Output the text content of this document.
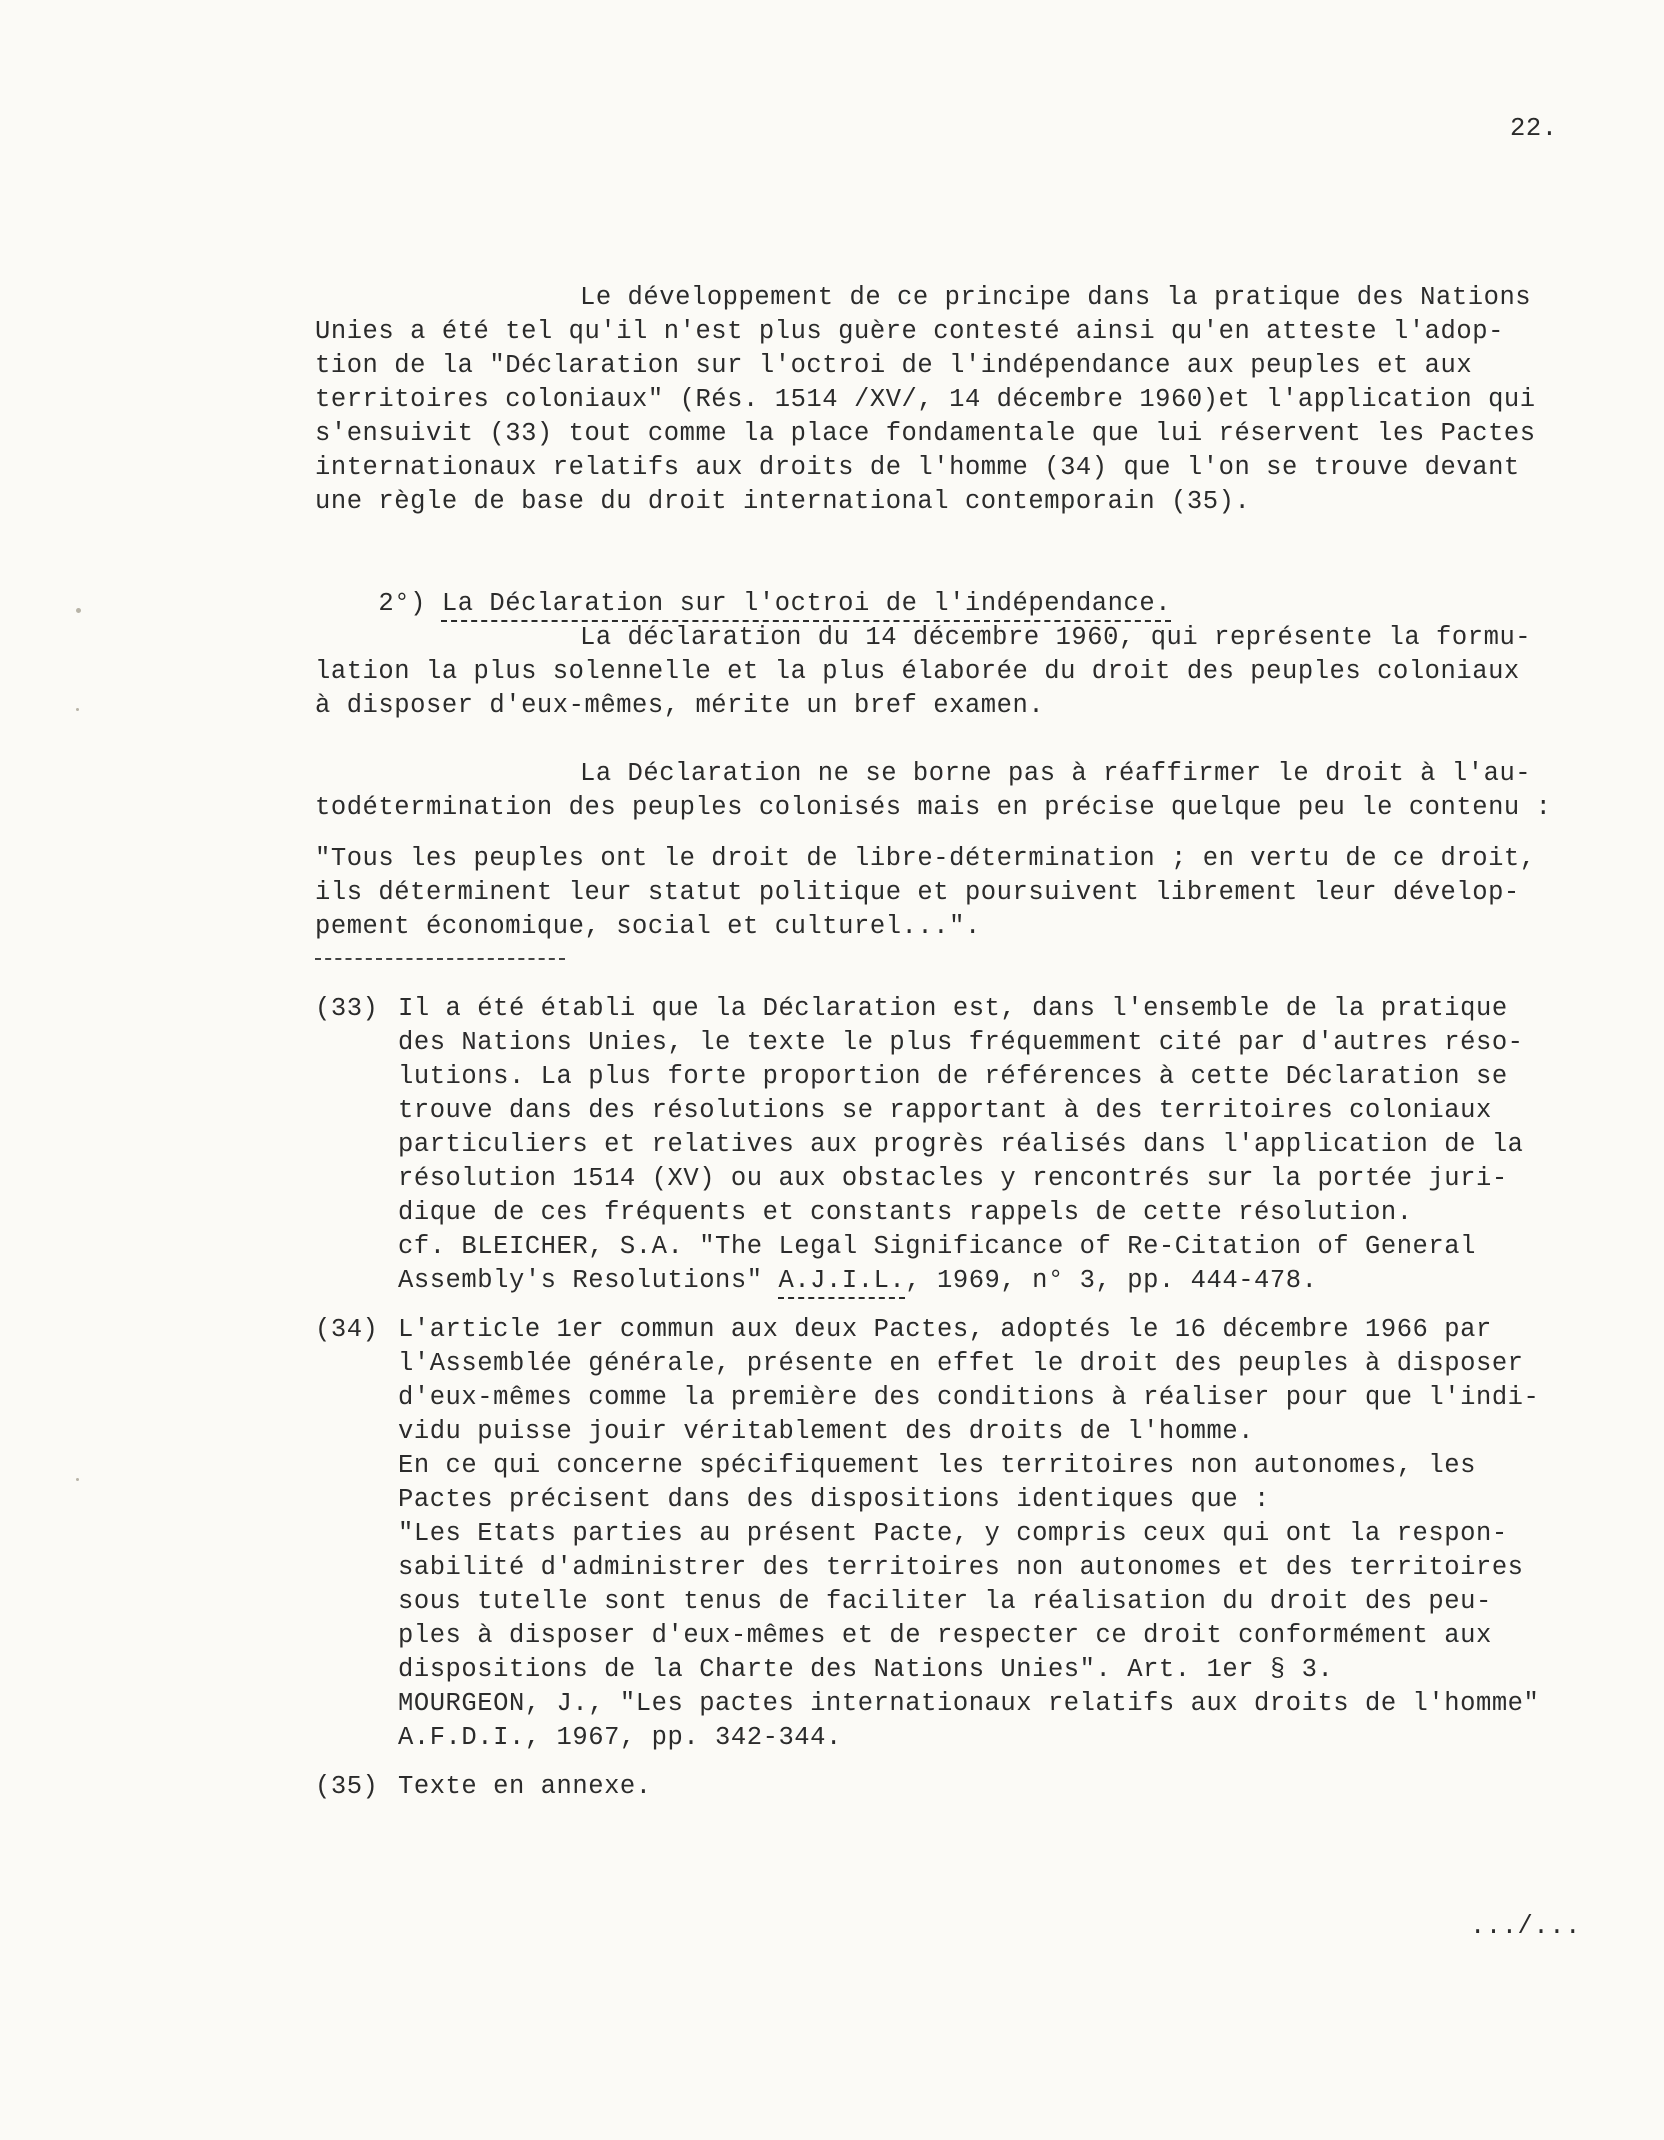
22.
Le développement de ce principe dans la pratique des Nations
Unies a été tel qu'il n'est plus guère contesté ainsi qu'en atteste l'adop-
tion de la "Déclaration sur l'octroi de l'indépendance aux peuples et aux
territoires coloniaux" (Rés. 1514 /XV/, 14 décembre 1960)et l'application qui
s'ensuivit (33) tout comme la place fondamentale que lui réservent les Pactes
internationaux relatifs aux droits de l'homme (34) que l'on se trouve devant
une règle de base du droit international contemporain (35).

2°) La Déclaration sur l'octroi de l'indépendance.

La déclaration du 14 décembre 1960, qui représente la formu-
lation la plus solennelle et la plus élaborée du droit des peuples coloniaux
à disposer d'eux-mêmes, mérite un bref examen.
La Déclaration ne se borne pas à réaffirmer le droit à l'au-
todétermination des peuples colonisés mais en précise quelque peu le contenu :
"Tous les peuples ont le droit de libre-détermination ; en vertu de ce droit,
ils déterminent leur statut politique et poursuivent librement leur dévelop-
pement économique, social et culturel...".
(33) Il a été établi que la Déclaration est, dans l'ensemble de la pratique
des Nations Unies, le texte le plus fréquemment cité par d'autres réso-
lutions. La plus forte proportion de références à cette Déclaration se
trouve dans des résolutions se rapportant à des territoires coloniaux
particuliers et relatives aux progrès réalisés dans l'application de la
résolution 1514 (XV) ou aux obstacles y rencontrés sur la portée juri-
dique de ces fréquents et constants rappels de cette résolution.
cf. BLEICHER, S.A. "The Legal Significance of Re-Citation of General
Assembly's Resolutions" A.J.I.L., 1969, n° 3, pp. 444-478.
(34) L'article 1er commun aux deux Pactes, adoptés le 16 décembre 1966 par
l'Assemblée générale, présente en effet le droit des peuples à disposer
d'eux-mêmes comme la première des conditions à réaliser pour que l'indi-
vidu puisse jouir véritablement des droits de l'homme.
En ce qui concerne spécifiquement les territoires non autonomes, les
Pactes précisent dans des dispositions identiques que :
"Les Etats parties au présent Pacte, y compris ceux qui ont la respon-
sabilité d'administrer des territoires non autonomes et des territoires
sous tutelle sont tenus de faciliter la réalisation du droit des peu-
ples à disposer d'eux-mêmes et de respecter ce droit conformément aux
dispositions de la Charte des Nations Unies". Art. 1er § 3.
MOURGEON, J., "Les pactes internationaux relatifs aux droits de l'homme"
A.F.D.I., 1967, pp. 342-344.
(35) Texte en annexe.
.../...
